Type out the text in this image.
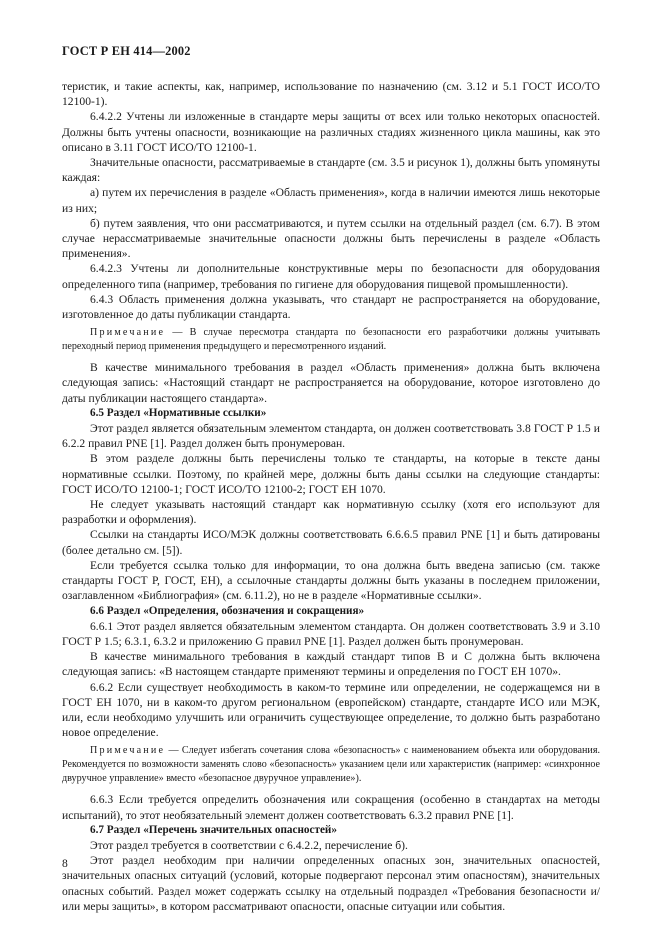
ГОСТ Р ЕН 414—2002
теристик, и такие аспекты, как, например, использование по назначению (см. 3.12 и 5.1 ГОСТ ИСО/ТО 12100-1).
6.4.2.2 Учтены ли изложенные в стандарте меры защиты от всех или только некоторых опасностей. Должны быть учтены опасности, возникающие на различных стадиях жизненного цикла машины, как это описано в 3.11 ГОСТ ИСО/ТО 12100-1.
Значительные опасности, рассматриваемые в стандарте (см. 3.5 и рисунок 1), должны быть упомянуты каждая:
а) путем их перечисления в разделе «Область применения», когда в наличии имеются лишь некоторые из них;
б) путем заявления, что они рассматриваются, и путем ссылки на отдельный раздел (см. 6.7). В этом случае нерассматриваемые значительные опасности должны быть перечислены в разделе «Область применения».
6.4.2.3 Учтены ли дополнительные конструктивные меры по безопасности для оборудования определенного типа (например, требования по гигиене для оборудования пищевой промышленности).
6.4.3 Область применения должна указывать, что стандарт не распространяется на оборудование, изготовленное до даты публикации стандарта.
Примечание — В случае пересмотра стандарта по безопасности его разработчики должны учитывать переходный период применения предыдущего и пересмотренного изданий.
В качестве минимального требования в раздел «Область применения» должна быть включена следующая запись: «Настоящий стандарт не распространяется на оборудование, которое изготовлено до даты публикации настоящего стандарта».
6.5 Раздел «Нормативные ссылки»
Этот раздел является обязательным элементом стандарта, он должен соответствовать 3.8 ГОСТ Р 1.5 и 6.2.2 правил PNE [1]. Раздел должен быть пронумерован.
В этом разделе должны быть перечислены только те стандарты, на которые в тексте даны нормативные ссылки. Поэтому, по крайней мере, должны быть даны ссылки на следующие стандарты: ГОСТ ИСО/ТО 12100-1; ГОСТ ИСО/ТО 12100-2; ГОСТ ЕН 1070.
Не следует указывать настоящий стандарт как нормативную ссылку (хотя его используют для разработки и оформления).
Ссылки на стандарты ИСО/МЭК должны соответствовать 6.6.6.5 правил PNE [1] и быть датированы (более детально см. [5]).
Если требуется ссылка только для информации, то она должна быть введена записью (см. также стандарты ГОСТ Р, ГОСТ, ЕН), а ссылочные стандарты должны быть указаны в последнем приложении, озаглавленном «Библиография» (см. 6.11.2), но не в разделе «Нормативные ссылки».
6.6 Раздел «Определения, обозначения и сокращения»
6.6.1 Этот раздел является обязательным элементом стандарта. Он должен соответствовать 3.9 и 3.10 ГОСТ Р 1.5; 6.3.1, 6.3.2 и приложению G правил PNE [1]. Раздел должен быть пронумерован.
В качестве минимального требования в каждый стандарт типов В и С должна быть включена следующая запись: «В настоящем стандарте применяют термины и определения по ГОСТ ЕН 1070».
6.6.2 Если существует необходимость в каком-то термине или определении, не содержащемся ни в ГОСТ ЕН 1070, ни в каком-то другом региональном (европейском) стандарте, стандарте ИСО или МЭК, или, если необходимо улучшить или ограничить существующее определение, то должно быть разработано новое определение.
Примечание — Следует избегать сочетания слова «безопасность» с наименованием объекта или оборудования. Рекомендуется по возможности заменять слово «безопасность» указанием цели или характеристик (например: «синхронное двуручное управление» вместо «безопасное двуручное управление»).
6.6.3 Если требуется определить обозначения или сокращения (особенно в стандартах на методы испытаний), то этот необязательный элемент должен соответствовать 6.3.2 правил PNE [1].
6.7 Раздел «Перечень значительных опасностей»
Этот раздел требуется в соответствии с 6.4.2.2, перечисление б).
Этот раздел необходим при наличии определенных опасных зон, значительных опасностей, значительных опасных ситуаций (условий, которые подвергают персонал этим опасностям), значительных опасных событий. Раздел может содержать ссылку на отдельный подраздел «Требования безопасности и/или меры защиты», в котором рассматривают опасности, опасные ситуации или события.
8
